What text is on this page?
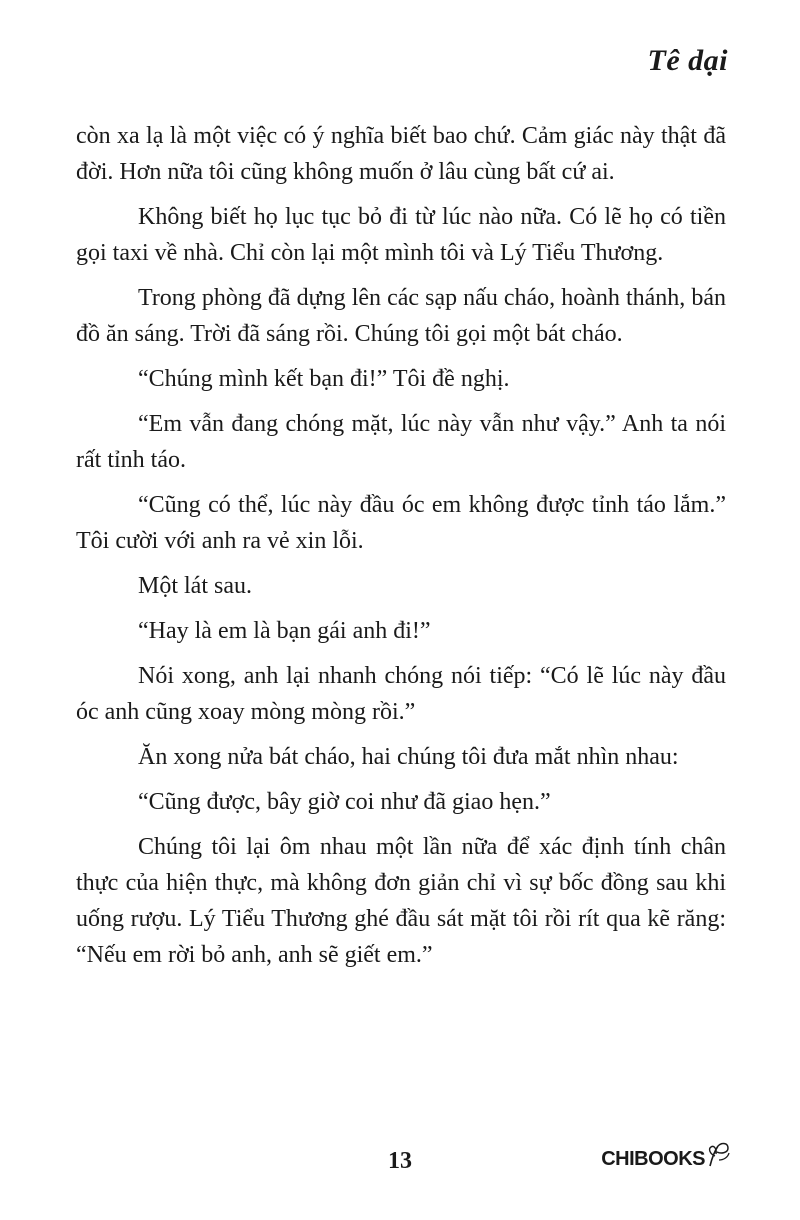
Tê dại

còn xa lạ là một việc có ý nghĩa biết bao chứ. Cảm giác này thật đã đời. Hơn nữa tôi cũng không muốn ở lâu cùng bất cứ ai.

Không biết họ lục tục bỏ đi từ lúc nào nữa. Có lẽ họ có tiền gọi taxi về nhà. Chỉ còn lại một mình tôi và Lý Tiểu Thương.

Trong phòng đã dựng lên các sạp nấu cháo, hoành thánh, bán đồ ăn sáng. Trời đã sáng rồi. Chúng tôi gọi một bát cháo.

“Chúng mình kết bạn đi!” Tôi đề nghị.

“Em vẫn đang chóng mặt, lúc này vẫn như vậy.” Anh ta nói rất tỉnh táo.

“Cũng có thể, lúc này đầu óc em không được tỉnh táo lắm.” Tôi cười với anh ra vẻ xin lỗi.

Một lát sau.

“Hay là em là bạn gái anh đi!”

Nói xong, anh lại nhanh chóng nói tiếp: “Có lẽ lúc này đầu óc anh cũng xoay mòng mòng rồi.”

Ăn xong nửa bát cháo, hai chúng tôi đưa mắt nhìn nhau:

“Cũng được, bây giờ coi như đã giao hẹn.”

Chúng tôi lại ôm nhau một lần nữa để xác định tính chân thực của hiện thực, mà không đơn giản chỉ vì sự bốc đồng sau khi uống rượu. Lý Tiểu Thương ghé đầu sát mặt tôi rồi rít qua kẽ răng: “Nếu em rời bỏ anh, anh sẽ giết em.”

13	CHIBOOKS
